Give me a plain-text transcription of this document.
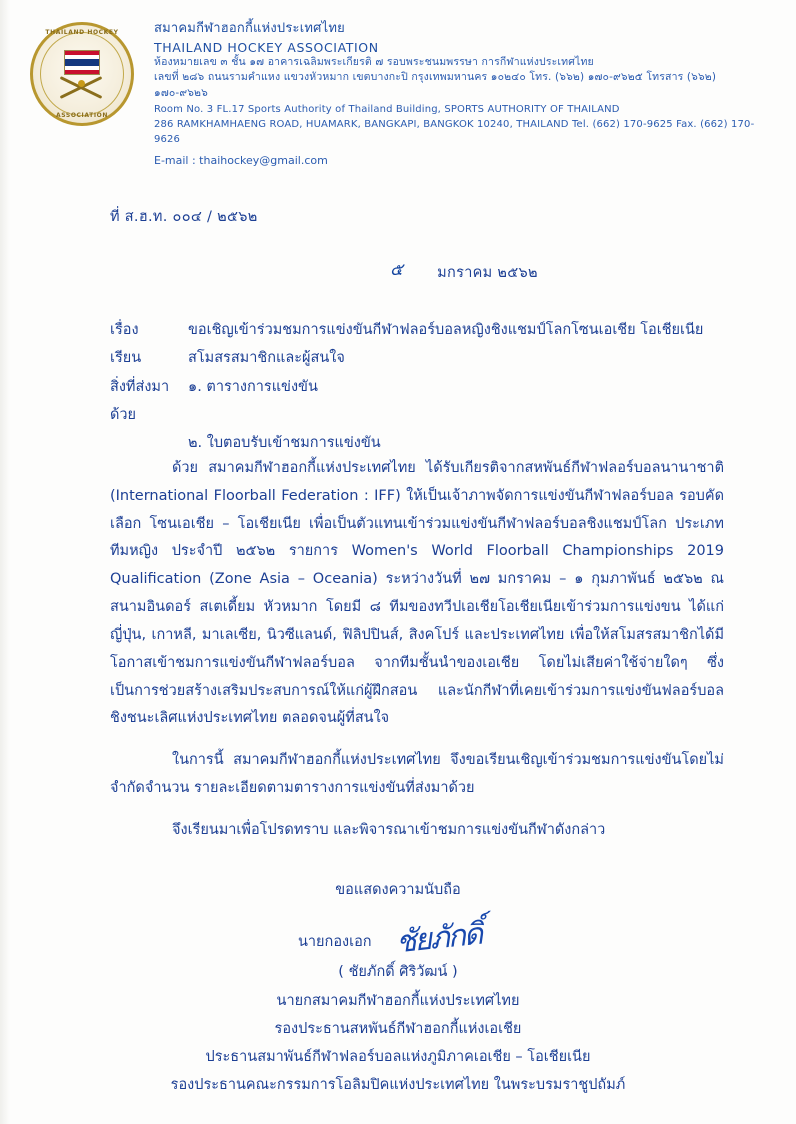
THAILAND HOCKEY
ASSOCIATION
สมาคมกีฬาฮอกกี้แห่งประเทศไทย
THAILAND HOCKEY ASSOCIATION
ห้องหมายเลข ๓ ชั้น ๑๗ อาคารเฉลิมพระเกียรติ ๗ รอบพระชนมพรรษา การกีฬาแห่งประเทศไทย
เลขที่ ๒๘๖ ถนนรามคำแหง แขวงหัวหมาก เขตบางกะปิ กรุงเทพมหานคร ๑๐๒๔๐ โทร. (๖๖๒) ๑๗๐-๙๖๒๕ โทรสาร (๖๖๒) ๑๗๐-๙๖๒๖
Room No. 3 FL.17 Sports Authority of Thailand Building, SPORTS AUTHORITY OF THAILAND
286 RAMKHAMHAENG ROAD, HUAMARK, BANGKAPI, BANGKOK 10240, THAILAND Tel. (662) 170-9625 Fax. (662) 170-9626
E-mail : thaihockey@gmail.com
ที่ ส.ฮ.ท. ๐๐๔ / ๒๕๖๒
๕ มกราคม ๒๕๖๒
เรื่อง	ขอเชิญเข้าร่วมชมการแข่งขันกีฬาฟลอร์บอลหญิงชิงแชมป์โลกโซนเอเชีย โอเชียเนีย
เรียน	สโมสรสมาชิกและผู้สนใจ
สิ่งที่ส่งมาด้วย
๑. ตารางการแข่งขัน
๒. ใบตอบรับเข้าชมการแข่งขัน

ด้วย สมาคมกีฬาฮอกกี้แห่งประเทศไทย ได้รับเกียรติจากสหพันธ์กีฬาฟลอร์บอลนานาชาติ (International Floorball Federation : IFF) ให้เป็นเจ้าภาพจัดการแข่งขันกีฬาฟลอร์บอล รอบคัดเลือก โซนเอเชีย – โอเชียเนีย เพื่อเป็นตัวแทนเข้าร่วมแข่งขันกีฬาฟลอร์บอลชิงแชมป์โลก ประเภททีมหญิง ประจำปี ๒๕๖๒ รายการ Women's World Floorball Championships 2019 Qualification (Zone Asia – Oceania) ระหว่างวันที่ ๒๗ มกราคม – ๑ กุมภาพันธ์ ๒๕๖๒ ณ สนามอินดอร์ สเตเดี้ยม หัวหมาก โดยมี ๘ ทีมของทวีปเอเชียโอเชียเนียเข้าร่วมการแข่งขน ได้แก่ ญี่ปุ่น, เกาหลี, มาเลเซีย, นิวซีแลนด์, ฟิลิปปินส์, สิงคโปร์ และประเทศไทย เพื่อให้สโมสรสมาชิกได้มีโอกาสเข้าชมการแข่งขันกีฬาฟลอร์บอล จากทีมชั้นนำของเอเชีย โดยไม่เสียค่าใช้จ่ายใดๆ ซึ่งเป็นการช่วยสร้างเสริมประสบการณ์ให้แก่ผู้ฝึกสอน และนักกีฬาที่เคยเข้าร่วมการแข่งขันฟลอร์บอลชิงชนะเลิศแห่งประเทศไทย ตลอดจนผู้ที่สนใจ

ในการนี้ สมาคมกีฬาฮอกกี้แห่งประเทศไทย จึงขอเรียนเชิญเข้าร่วมชมการแข่งขันโดยไม่จำกัดจำนวน รายละเอียดตามตารางการแข่งขันที่ส่งมาด้วย

จึงเรียนมาเพื่อโปรดทราบ และพิจารณาเข้าชมการแข่งขันกีฬาดังกล่าว

ขอแสดงความนับถือ
นายกองเอก ชัยภักดิ์
( ชัยภักดิ์ ศิริวัฒน์ )
นายกสมาคมกีฬาฮอกกี้แห่งประเทศไทย
รองประธานสหพันธ์กีฬาฮอกกี้แห่งเอเชีย
ประธานสมาพันธ์กีฬาฟลอร์บอลแห่งภูมิภาคเอเชีย – โอเชียเนีย
รองประธานคณะกรรมการโอลิมปิคแห่งประเทศไทย ในพระบรมราชูปถัมภ์
